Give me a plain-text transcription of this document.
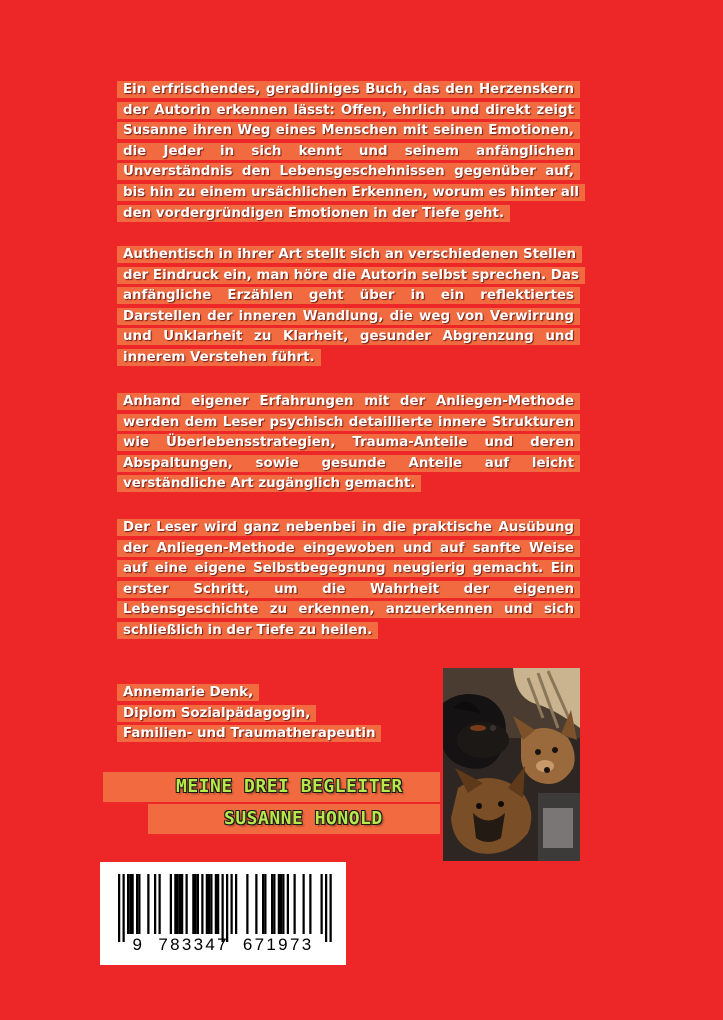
Ein erfrischendes, geradliniges Buch, das den Herzenskern der Autorin erkennen lässt: Offen, ehrlich und direkt zeigt Susanne ihren Weg eines Menschen mit seinen Emotionen, die Jeder in sich kennt und seinem anfänglichen Unverständnis den Lebensgeschehnissen gegenüber auf, bis hin zu einem ursächlichen Erkennen, worum es hinter all den vordergründigen Emotionen in der Tiefe geht.

Authentisch in ihrer Art stellt sich an verschiedenen Stellen der Eindruck ein, man höre die Autorin selbst sprechen. Das anfängliche Erzählen geht über in ein reflektiertes Darstellen der inneren Wandlung, die weg von Verwirrung und Unklarheit zu Klarheit, gesunder Abgrenzung und innerem Verstehen führt.

Anhand eigener Erfahrungen mit der Anliegen-Methode werden dem Leser psychisch detaillierte innere Strukturen wie Überlebensstrategien, Trauma-Anteile und deren Abspaltungen, sowie gesunde Anteile auf leicht verständliche Art zugänglich gemacht.

Der Leser wird ganz nebenbei in die praktische Ausübung der Anliegen-Methode eingewoben und auf sanfte Weise auf eine eigene Selbstbegegnung neugierig gemacht. Ein erster Schritt, um die Wahrheit der eigenen Lebensgeschichte zu erkennen, anzuerkennen und sich schließlich in der Tiefe zu heilen.

Annemarie Denk,
Diplom Sozialpädagogin,
Familien- und Traumatherapeutin
MEINE DREI BEGLEITER
SUSANNE HONOLD
9 783347 671973
